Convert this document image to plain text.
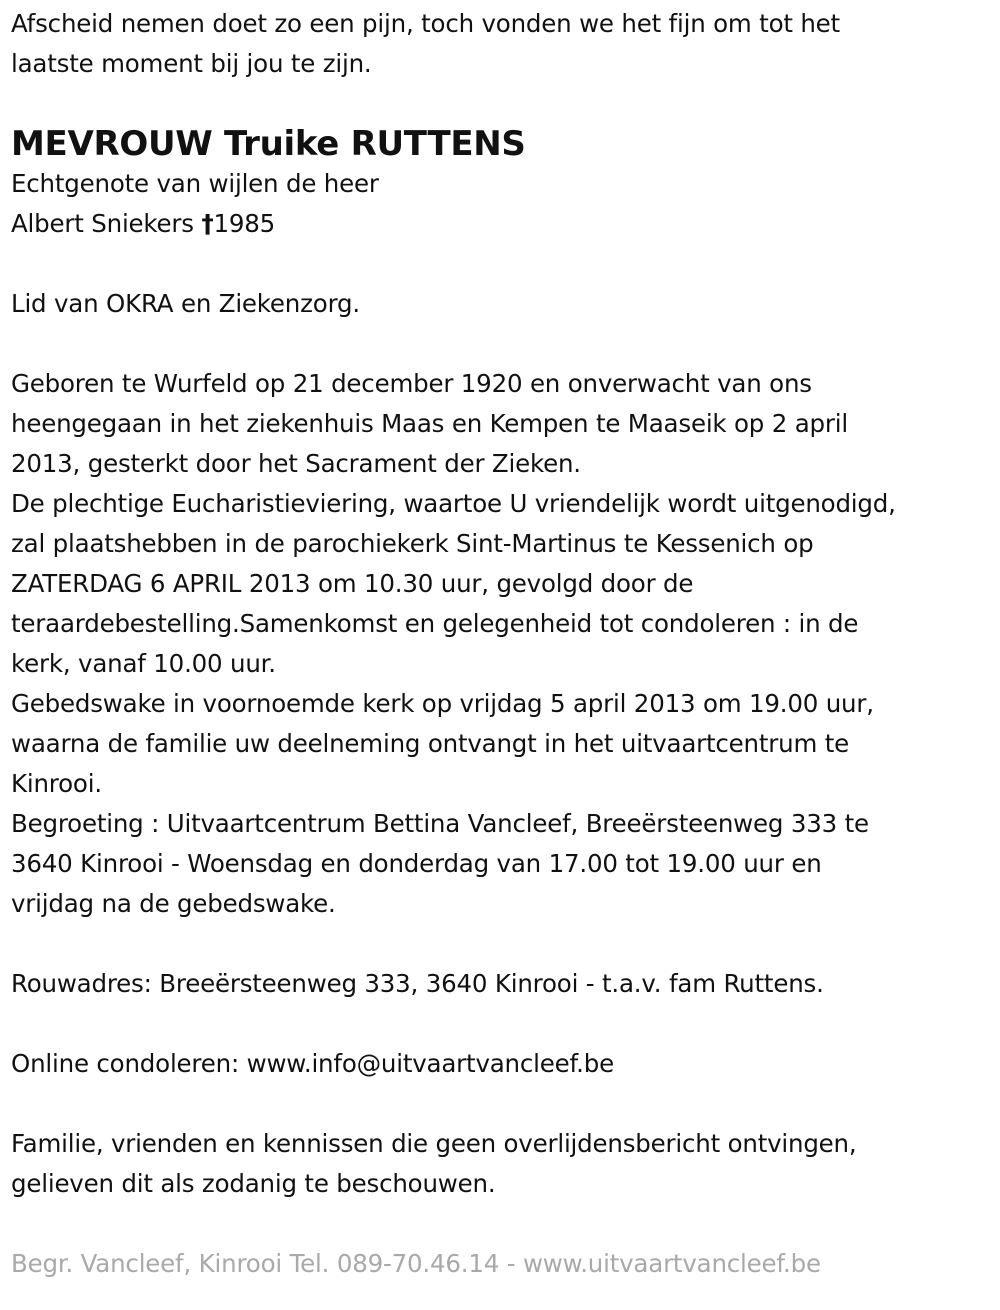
Afscheid nemen doet zo een pijn, toch vonden we het fijn om tot het
laatste moment bij jou te zijn.
MEVROUW Truike RUTTENS
Echtgenote van wijlen de heer
Albert Sniekers †1985
Lid van OKRA en Ziekenzorg.
Geboren te Wurfeld op 21 december 1920 en onverwacht van ons
heengegaan in het ziekenhuis Maas en Kempen te Maaseik op 2 april
2013, gesterkt door het Sacrament der Zieken.
De plechtige Eucharistieviering, waartoe U vriendelijk wordt uitgenodigd,
zal plaatshebben in de parochiekerk Sint-Martinus te Kessenich op
ZATERDAG 6 APRIL 2013 om 10.30 uur, gevolgd door de
teraardebestelling.Samenkomst en gelegenheid tot condoleren : in de
kerk, vanaf 10.00 uur.
Gebedswake in voornoemde kerk op vrijdag 5 april 2013 om 19.00 uur,
waarna de familie uw deelneming ontvangt in het uitvaartcentrum te
Kinrooi.
Begroeting : Uitvaartcentrum Bettina Vancleef, Breeërsteenweg 333 te
3640 Kinrooi - Woensdag en donderdag van 17.00 tot 19.00 uur en
vrijdag na de gebedswake.
Rouwadres: Breeërsteenweg 333, 3640 Kinrooi - t.a.v. fam Ruttens.
Online condoleren: www.info@uitvaartvancleef.be
Familie, vrienden en kennissen die geen overlijdensbericht ontvingen,
gelieven dit als zodanig te beschouwen.
Begr. Vancleef, Kinrooi Tel. 089-70.46.14 - www.uitvaartvancleef.be
